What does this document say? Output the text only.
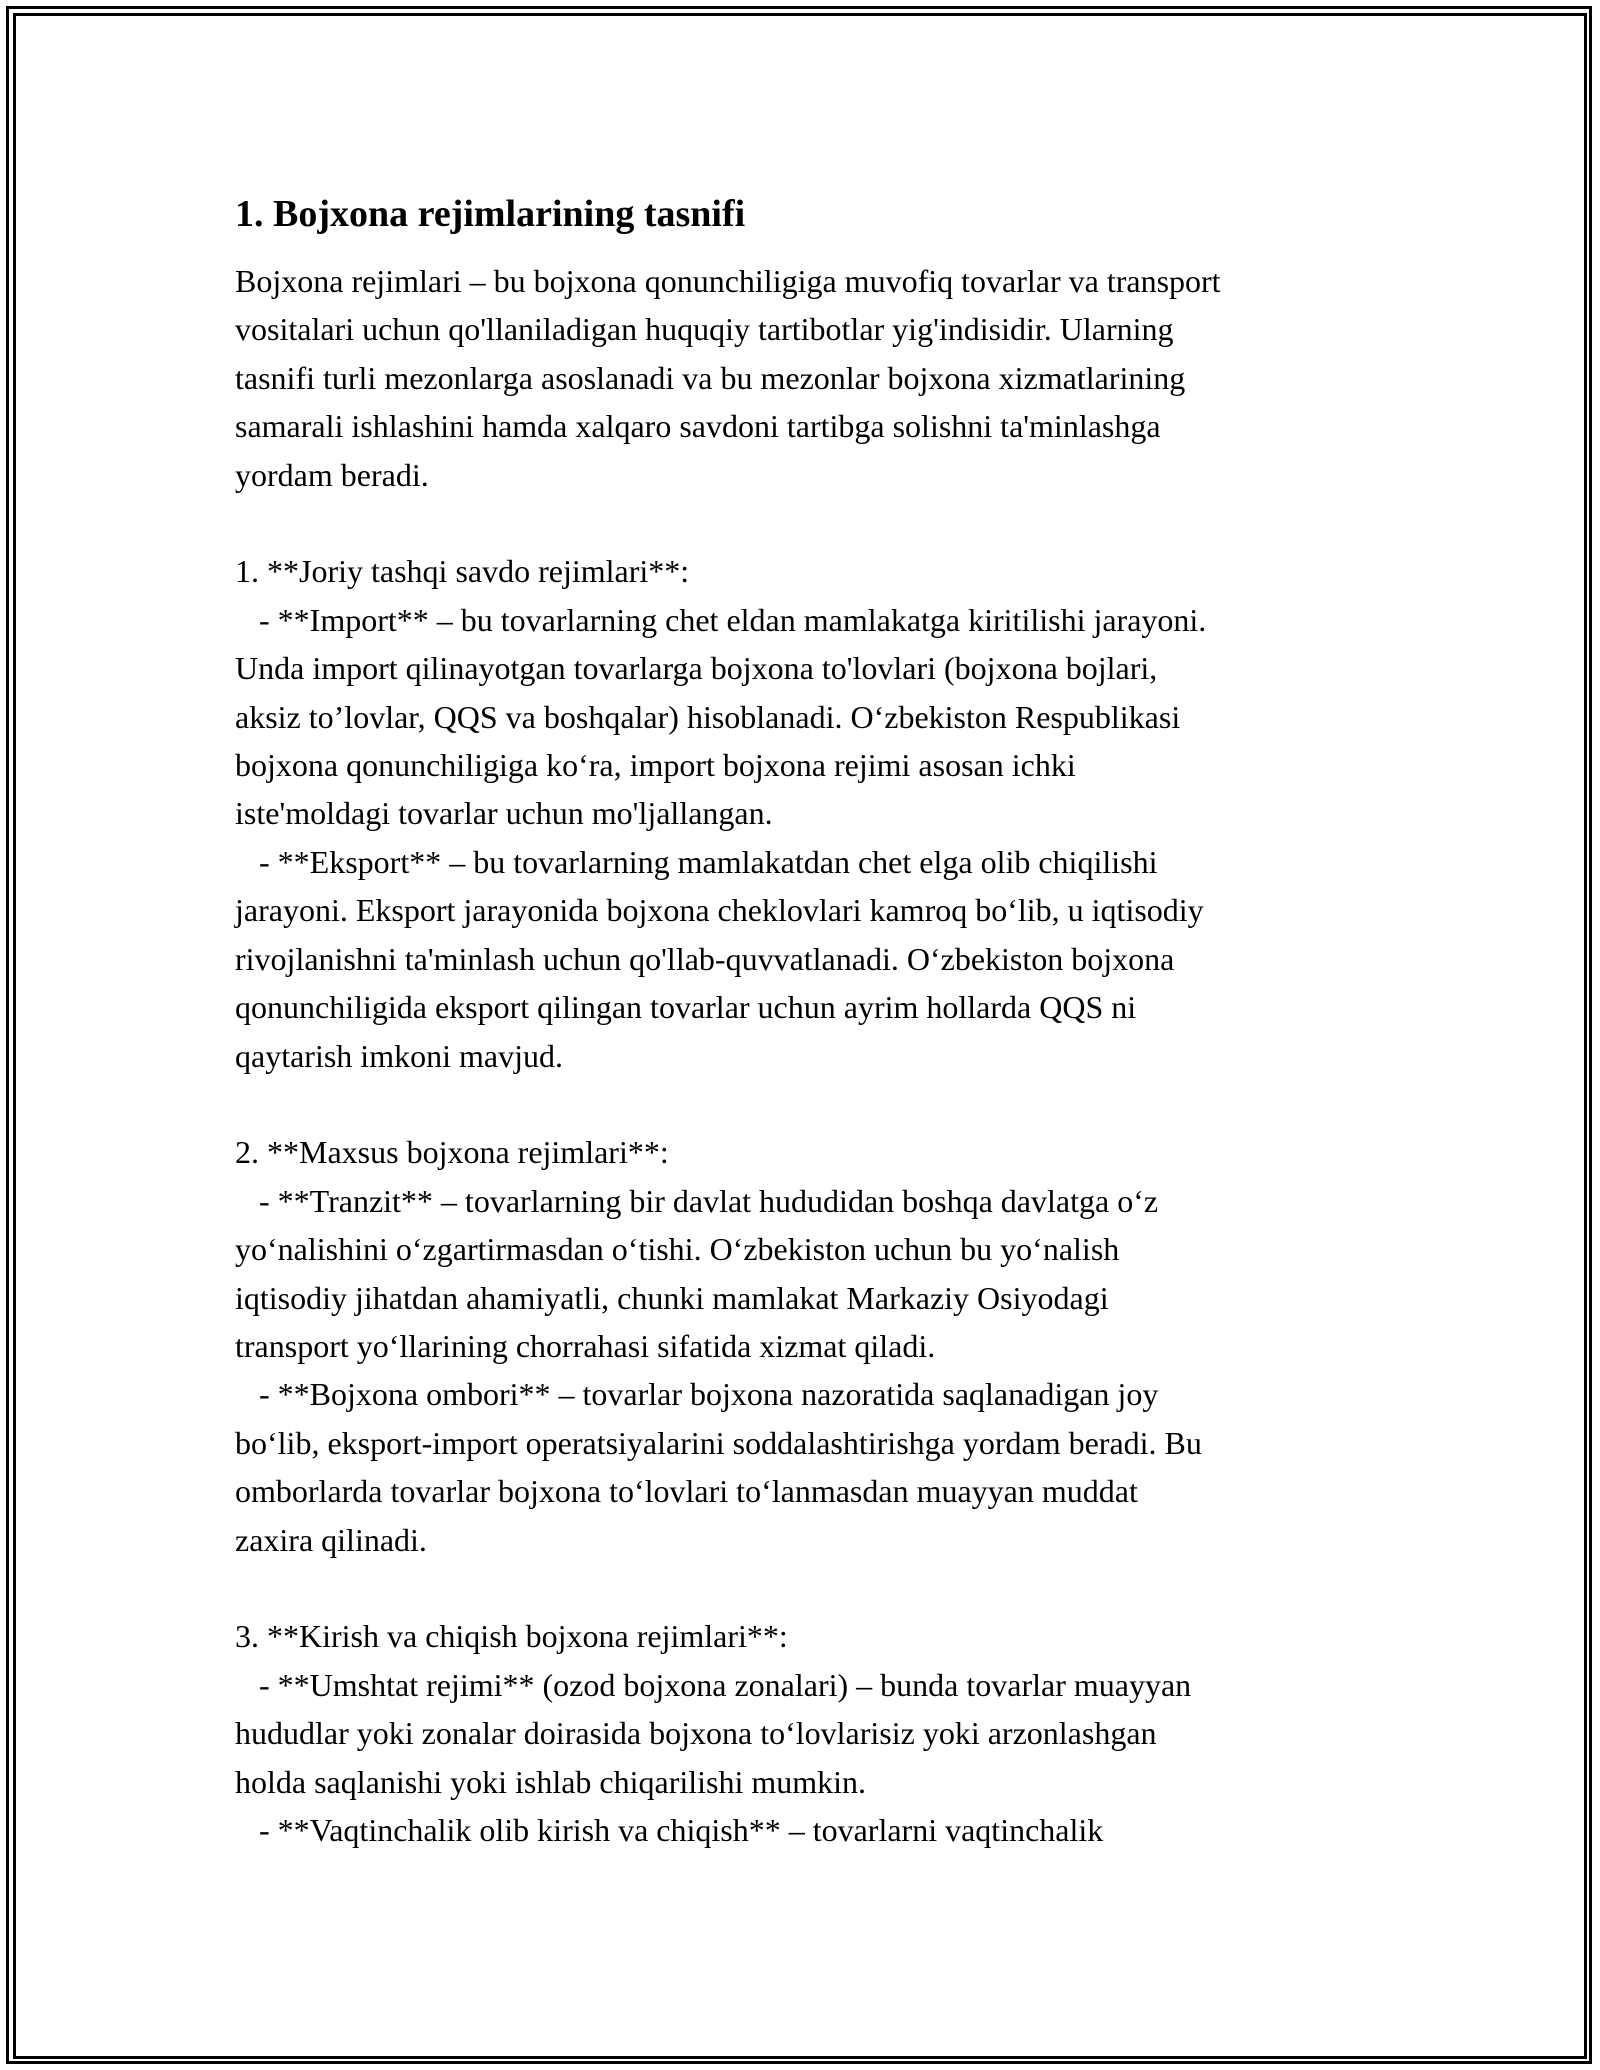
1. Bojxona rejimlarining tasnifi

Bojxona rejimlari – bu bojxona qonunchiligiga muvofiq tovarlar va transport
vositalari uchun qo'llaniladigan huquqiy tartibotlar yig'indisidir. Ularning
tasnifi turli mezonlarga asoslanadi va bu mezonlar bojxona xizmatlarining
samarali ishlashini hamda xalqaro savdoni tartibga solishni ta'minlashga
yordam beradi.

1. **Joriy tashqi savdo rejimlari**:
- **Import** – bu tovarlarning chet eldan mamlakatga kiritilishi jarayoni.
Unda import qilinayotgan tovarlarga bojxona to'lovlari (bojxona bojlari,
aksiz to’lovlar, QQS va boshqalar) hisoblanadi. O‘zbekiston Respublikasi
bojxona qonunchiligiga ko‘ra, import bojxona rejimi asosan ichki
iste'moldagi tovarlar uchun mo'ljallangan.
- **Eksport** – bu tovarlarning mamlakatdan chet elga olib chiqilishi
jarayoni. Eksport jarayonida bojxona cheklovlari kamroq bo‘lib, u iqtisodiy
rivojlanishni ta'minlash uchun qo'llab-quvvatlanadi. O‘zbekiston bojxona
qonunchiligida eksport qilingan tovarlar uchun ayrim hollarda QQS ni
qaytarish imkoni mavjud.

2. **Maxsus bojxona rejimlari**:
- **Tranzit** – tovarlarning bir davlat hududidan boshqa davlatga o‘z
yo‘nalishini o‘zgartirmasdan o‘tishi. O‘zbekiston uchun bu yo‘nalish
iqtisodiy jihatdan ahamiyatli, chunki mamlakat Markaziy Osiyodagi
transport yo‘llarining chorrahasi sifatida xizmat qiladi.
- **Bojxona ombori** – tovarlar bojxona nazoratida saqlanadigan joy
bo‘lib, eksport-import operatsiyalarini soddalashtirishga yordam beradi. Bu
omborlarda tovarlar bojxona to‘lovlari to‘lanmasdan muayyan muddat
zaxira qilinadi.

3. **Kirish va chiqish bojxona rejimlari**:
- **Umshtat rejimi** (ozod bojxona zonalari) – bunda tovarlar muayyan
hududlar yoki zonalar doirasida bojxona to‘lovlarisiz yoki arzonlashgan
holda saqlanishi yoki ishlab chiqarilishi mumkin.
- **Vaqtinchalik olib kirish va chiqish** – tovarlarni vaqtinchalik
